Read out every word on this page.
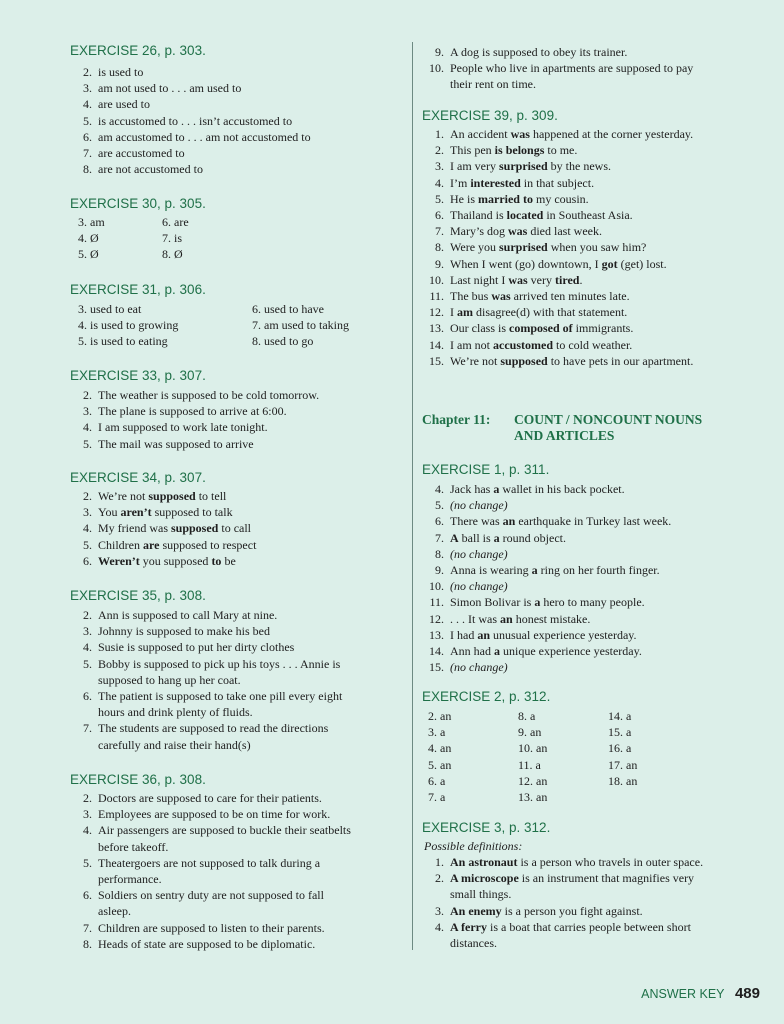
EXERCISE 26, p. 303.
2. is used to
3. am not used to . . . am used to
4. are used to
5. is accustomed to . . . isn’t accustomed to
6. am accustomed to . . . am not accustomed to
7. are accustomed to
8. are not accustomed to
EXERCISE 30, p. 305.
3. am	6. are
4. Ø	7. is
5. Ø	8. Ø
EXERCISE 31, p. 306.
3. used to eat	6. used to have
4. is used to growing	7. am used to taking
5. is used to eating	8. used to go
EXERCISE 33, p. 307.
2. The weather is supposed to be cold tomorrow.
3. The plane is supposed to arrive at 6:00.
4. I am supposed to work late tonight.
5. The mail was supposed to arrive
EXERCISE 34, p. 307.
2. We’re not supposed to tell
3. You aren’t supposed to talk
4. My friend was supposed to call
5. Children are supposed to respect
6. Weren’t you supposed to be
EXERCISE 35, p. 308.
2. Ann is supposed to call Mary at nine.
3. Johnny is supposed to make his bed
4. Susie is supposed to put her dirty clothes
5. Bobby is supposed to pick up his toys . . . Annie is
supposed to hang up her coat.
6. The patient is supposed to take one pill every eight
hours and drink plenty of fluids.
7. The students are supposed to read the directions
carefully and raise their hand(s)
EXERCISE 36, p. 308.
2. Doctors are supposed to care for their patients.
3. Employees are supposed to be on time for work.
4. Air passengers are supposed to buckle their seatbelts
before takeoff.
5. Theatergoers are not supposed to talk during a
performance.
6. Soldiers on sentry duty are not supposed to fall
asleep.
7. Children are supposed to listen to their parents.
8. Heads of state are supposed to be diplomatic.
9. A dog is supposed to obey its trainer.
10. People who live in apartments are supposed to pay
their rent on time.
EXERCISE 39, p. 309.
1. An accident was happened at the corner yesterday.
2. This pen is belongs to me.
3. I am very surprised by the news.
4. I’m interested in that subject.
5. He is married to my cousin.
6. Thailand is located in Southeast Asia.
7. Mary’s dog was died last week.
8. Were you surprised when you saw him?
9. When I went (go) downtown, I got (get) lost.
10. Last night I was very tired.
11. The bus was arrived ten minutes late.
12. I am disagree(d) with that statement.
13. Our class is composed of immigrants.
14. I am not accustomed to cold weather.
15. We’re not supposed to have pets in our apartment.
Chapter 11: COUNT / NONCOUNT NOUNS
AND ARTICLES
EXERCISE 1, p. 311.
4. Jack has a wallet in his back pocket.
5. (no change)
6. There was an earthquake in Turkey last week.
7. A ball is a round object.
8. (no change)
9. Anna is wearing a ring on her fourth finger.
10. (no change)
11. Simon Bolivar is a hero to many people.
12. . . . It was an honest mistake.
13. I had an unusual experience yesterday.
14. Ann had a unique experience yesterday.
15. (no change)
EXERCISE 2, p. 312.
2. an
3. a
4. an
5. an
6. a
7. a
8. a
9. an
10. an
11. a
12. an
13. an
14. a
15. a
16. a
17. an
18. an
EXERCISE 3, p. 312.
Possible definitions:
1. An astronaut is a person who travels in outer space.
2. A microscope is an instrument that magnifies very
small things.
3. An enemy is a person you fight against.
4. A ferry is a boat that carries people between short
distances.
ANSWER KEY 489
